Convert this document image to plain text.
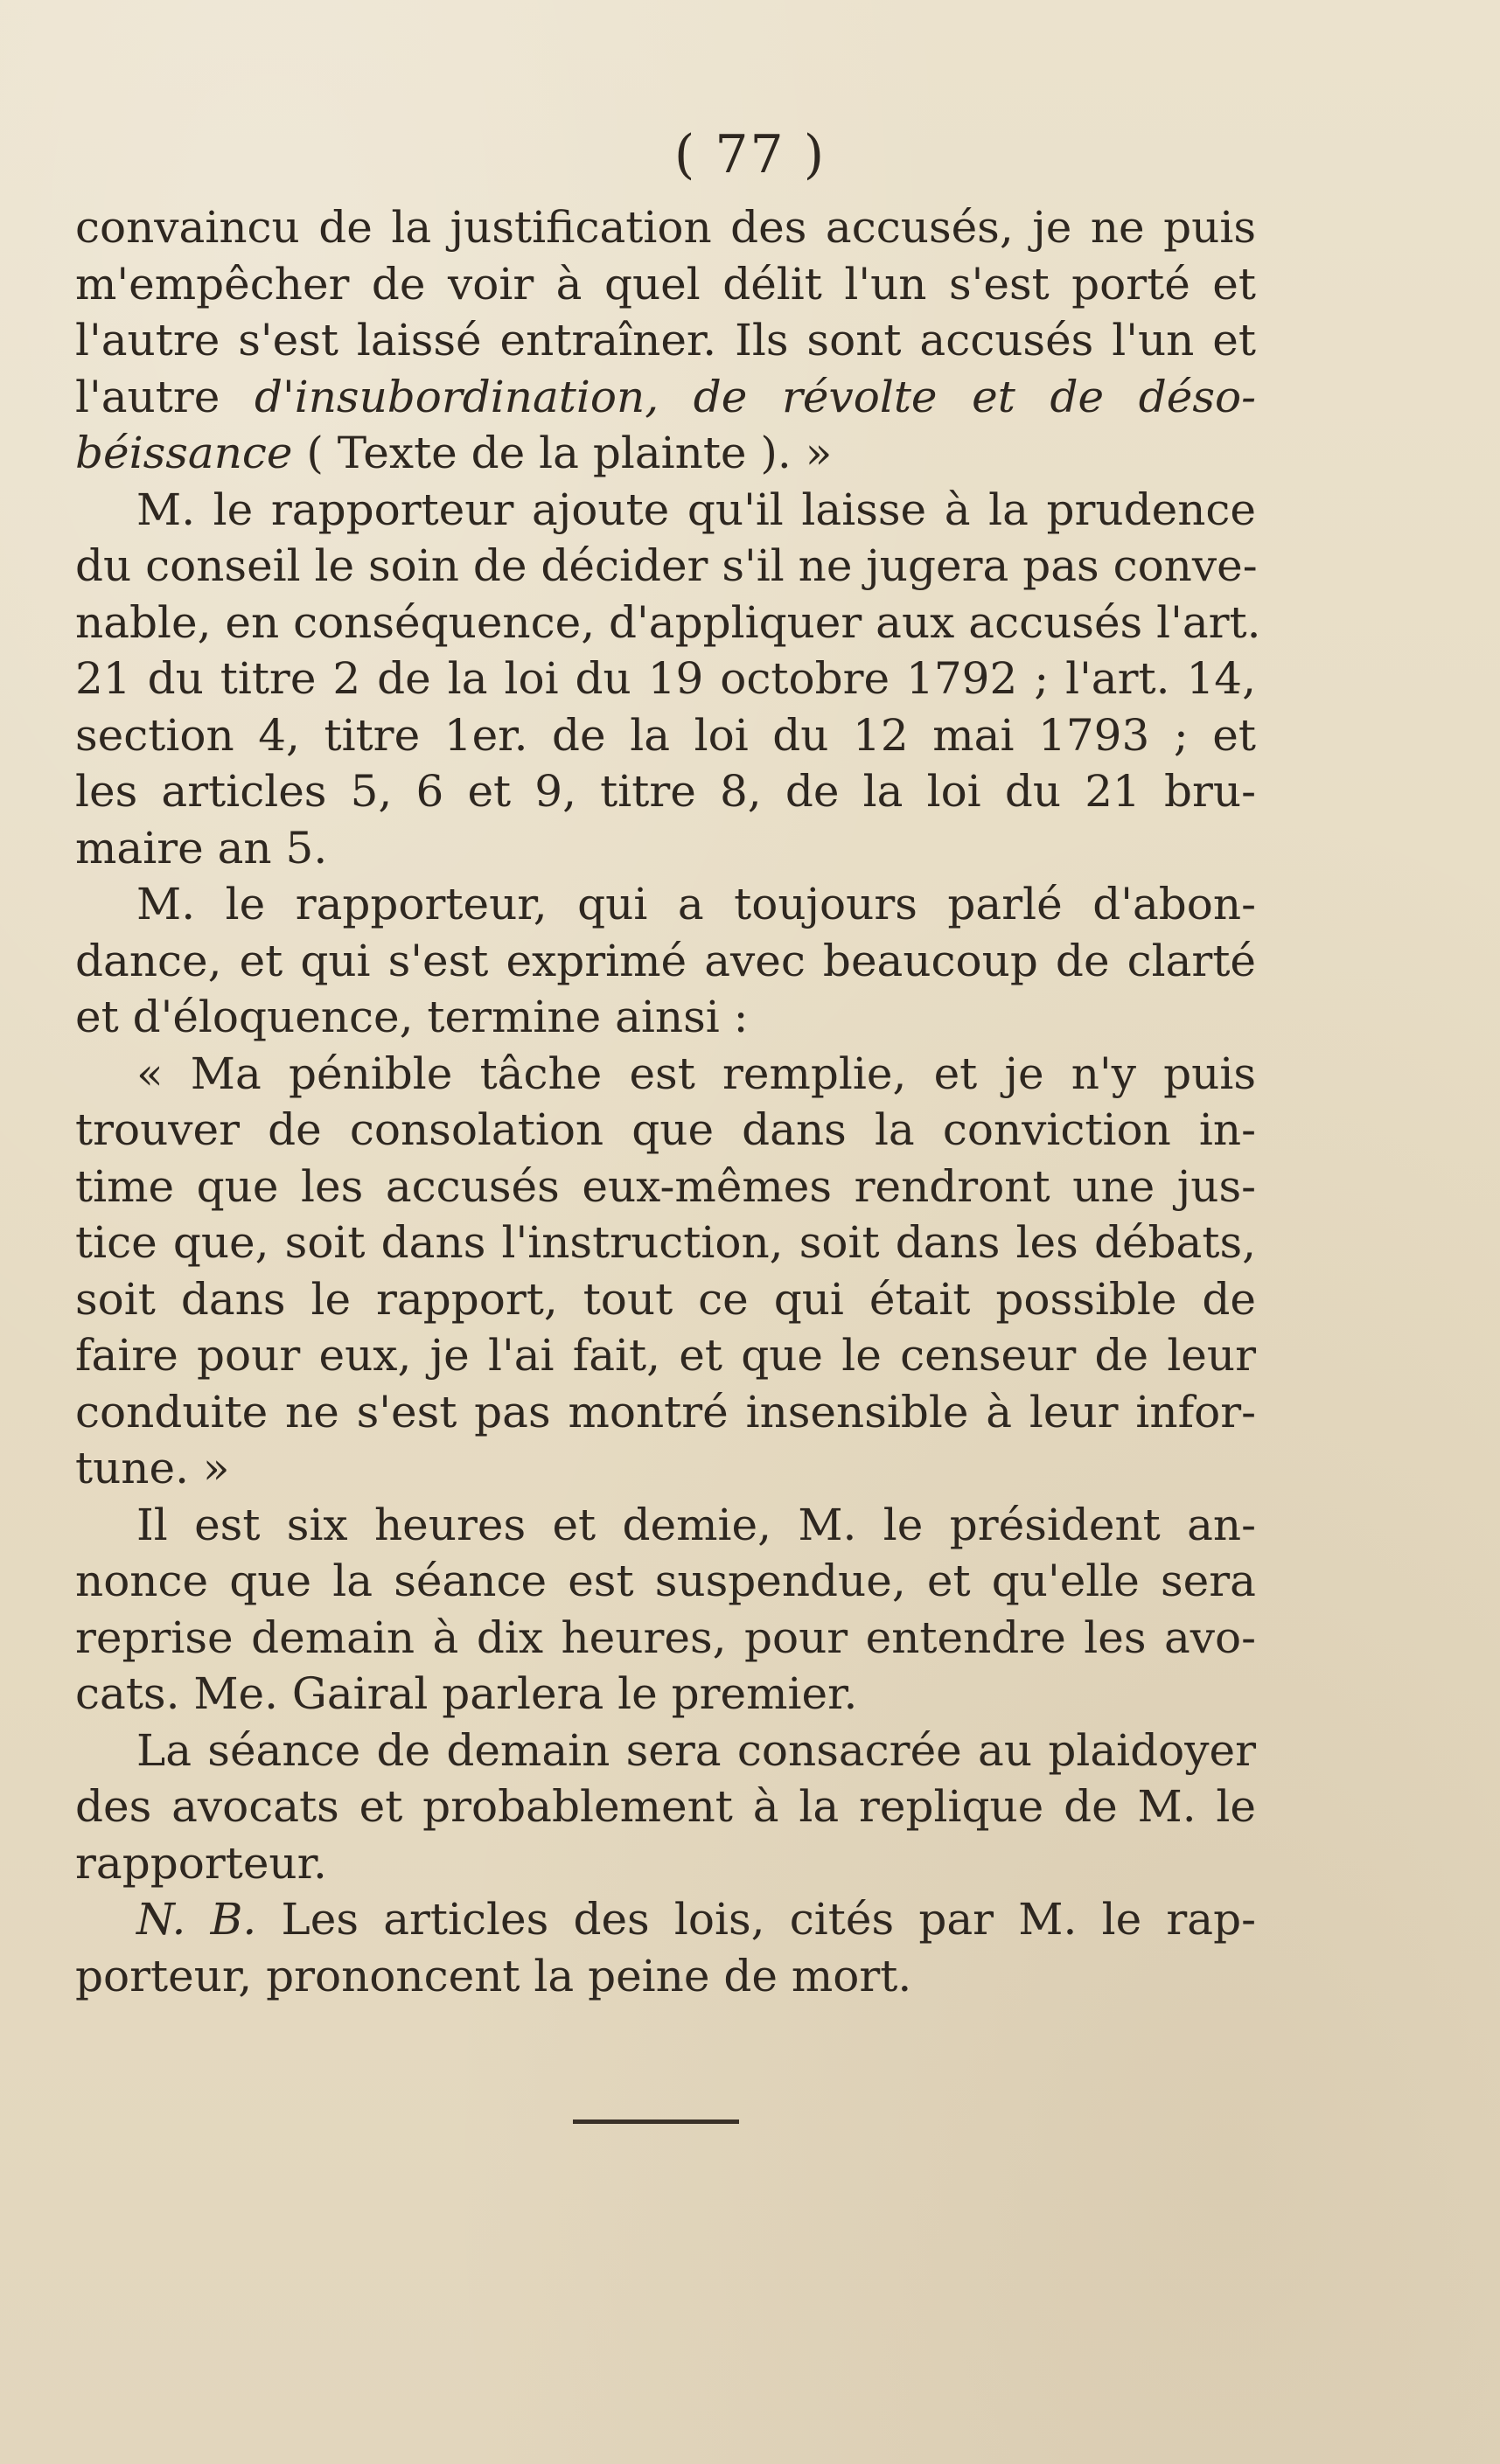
( 77 )
convaincu de la justification des accusés, je ne puis
m'empêcher de voir à quel délit l'un s'est porté et
l'autre s'est laissé entraîner. Ils sont accusés l'un et
l'autre d'insubordination, de révolte et de déso-
béissance ( Texte de la plainte ). »
M. le rapporteur ajoute qu'il laisse à la prudence
du conseil le soin de décider s'il ne jugera pas conve-
nable, en conséquence, d'appliquer aux accusés l'art.
21 du titre 2 de la loi du 19 octobre 1792 ; l'art. 14,
section 4, titre 1er. de la loi du 12 mai 1793 ; et
les articles 5, 6 et 9, titre 8, de la loi du 21 bru-
maire an 5.
M. le rapporteur, qui a toujours parlé d'abon-
dance, et qui s'est exprimé avec beaucoup de clarté
et d'éloquence, termine ainsi :
« Ma pénible tâche est remplie, et je n'y puis
trouver de consolation que dans la conviction in-
time que les accusés eux-mêmes rendront une jus-
tice que, soit dans l'instruction, soit dans les débats,
soit dans le rapport, tout ce qui était possible de
faire pour eux, je l'ai fait, et que le censeur de leur
conduite ne s'est pas montré insensible à leur infor-
tune. »
Il est six heures et demie, M. le président an-
nonce que la séance est suspendue, et qu'elle sera
reprise demain à dix heures, pour entendre les avo-
cats. Me. Gairal parlera le premier.
La séance de demain sera consacrée au plaidoyer
des avocats et probablement à la replique de M. le
rapporteur.
N. B. Les articles des lois, cités par M. le rap-
porteur, prononcent la peine de mort.
